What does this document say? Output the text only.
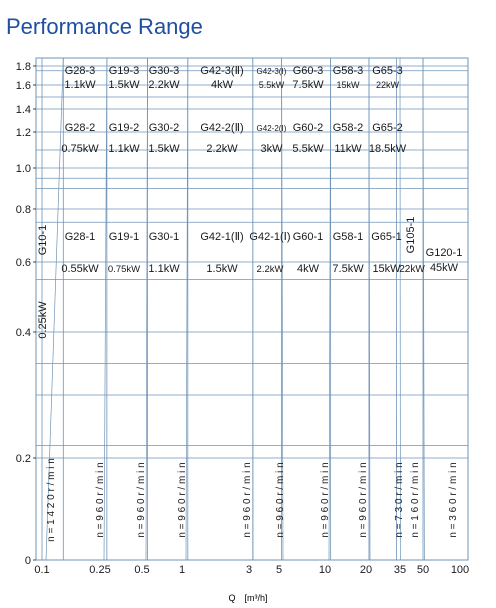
Performance Range
0
0.2
0.4
0.6
0.8
1.0
1.2
1.4
1.6
1.8
0.1	0.25 0.5	1	3 5	10	20 35 50 100
G28-3
1.1kW
G19-3
1.5kW
G30-3
2.2kW
G42-3(Ⅱ)
4kW
G42-3(Ⅰ)
5.5kW
G60-3
7.5kW
G58-3
15kW
G65-3
22kW
G28-2
0.75kW
G19-2
1.1kW
G30-2
1.5kW
G42-2(Ⅱ)
2.2kW
G42-2(Ⅰ)
3kW
G60-2
5.5kW
G58-2
11kW
G65-2
18.5kW
G28-1
0.55kW
G19-1
0.75kW
G30-1
1.1kW
G42-1(Ⅱ)
1.5kW
G42-1(Ⅰ)
2.2kW
G60-1
4kW
G58-1
7.5kW
G65-1
15kW
G10-1
0.25kW
G105-1
22kW
G120-1
45kW
n = 1 4 2 0 r / m i n	n = 9 6 0 r / m i n	n = 9 6 0 r / m i n	n = 9 6 0 r / m i n	n = 9 6 0 r / m i n n = 9 6 0 r / m i n	n = 9 6 0 r / m i n	n = 9 6 0 r / m i n	n = 7 3 0 r / m i n n = 1 6 0 r / m i n	n = 3 6 0 r / m i n
Q　[m³/h]
